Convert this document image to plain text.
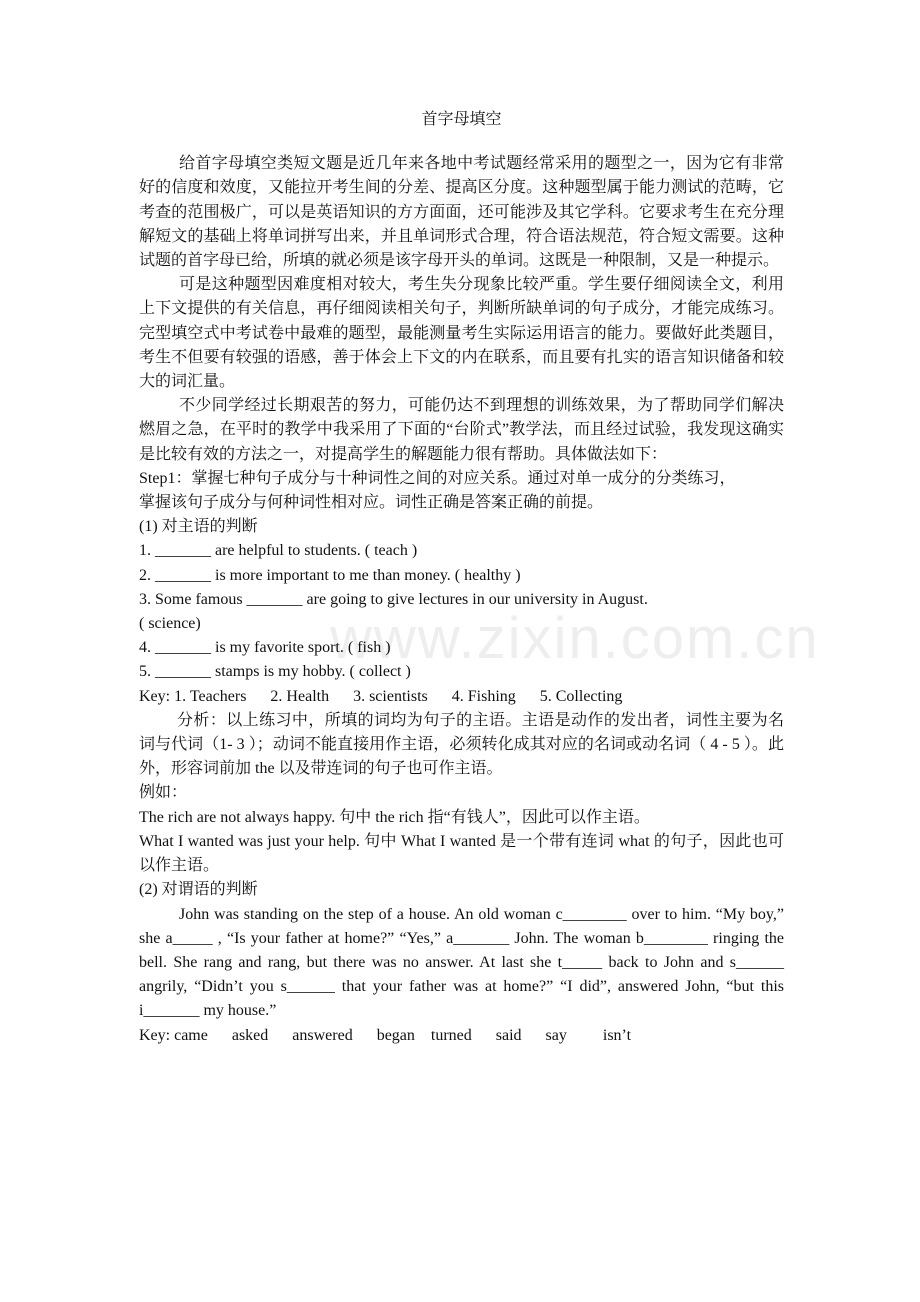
www.zixin.com.cn
首字母填空

给首字母填空类短文题是近几年来各地中考试题经常采用的题型之一，因为它有非常好的信度和效度，又能拉开考生间的分差、提高区分度。这种题型属于能力测试的范畴，它考查的范围极广，可以是英语知识的方方面面，还可能涉及其它学科。它要求考生在充分理解短文的基础上将单词拼写出来，并且单词形式合理，符合语法规范，符合短文需要。这种试题的首字母已给，所填的就必须是该字母开头的单词。这既是一种限制，又是一种提示。

可是这种题型因难度相对较大，考生失分现象比较严重。学生要仔细阅读全文，利用上下文提供的有关信息，再仔细阅读相关句子，判断所缺单词的句子成分，才能完成练习。完型填空式中考试卷中最难的题型，最能测量考生实际运用语言的能力。要做好此类题目，考生不但要有较强的语感，善于体会上下文的内在联系，而且要有扎实的语言知识储备和较大的词汇量。

不少同学经过长期艰苦的努力，可能仍达不到理想的训练效果，为了帮助同学们解决燃眉之急，在平时的教学中我采用了下面的“台阶式”教学法，而且经过试验，我发现这确实是比较有效的方法之一，对提高学生的解题能力很有帮助。具体做法如下：

Step1：掌握七种句子成分与十种词性之间的对应关系。通过对单一成分的分类练习，

掌握该句子成分与何种词性相对应。词性正确是答案正确的前提。

(1) 对主语的判断

1. _______ are helpful to students. ( teach )

2. _______ is more important to me than money. ( healthy )

3. Some famous _______ are going to give lectures in our university in August.

( science)

4. _______ is my favorite sport. ( fish )

5. _______ stamps is my hobby. ( collect )

Key: 1. Teachers      2. Health      3. scientists      4. Fishing      5. Collecting

分析：以上练习中，所填的词均为句子的主语。主语是动作的发出者，词性主要为名词与代词（1- 3 ）；动词不能直接用作主语，必须转化成其对应的名词或动名词（ 4 - 5 ）。此外，形容词前加 the 以及带连词的句子也可作主语。

例如：

The rich are not always happy. 句中 the rich 指“有钱人”，因此可以作主语。

What I wanted was just your help. 句中 What I wanted 是一个带有连词 what 的句子，因此也可以作主语。

(2) 对谓语的判断

John was standing on the step of a house. An old woman c________ over to him. “My boy,” she a_____ , “Is your father at home?” “Yes,” a_______ John. The woman b________ ringing the bell. She rang and rang, but there was no answer. At last she t_____ back to John and s______ angrily, “Didn’t you s______ that your father was at home?” “I did”, answered John, “but this i_______ my house.”

Key: came      asked      answered      began    turned      said      say         isn’t
